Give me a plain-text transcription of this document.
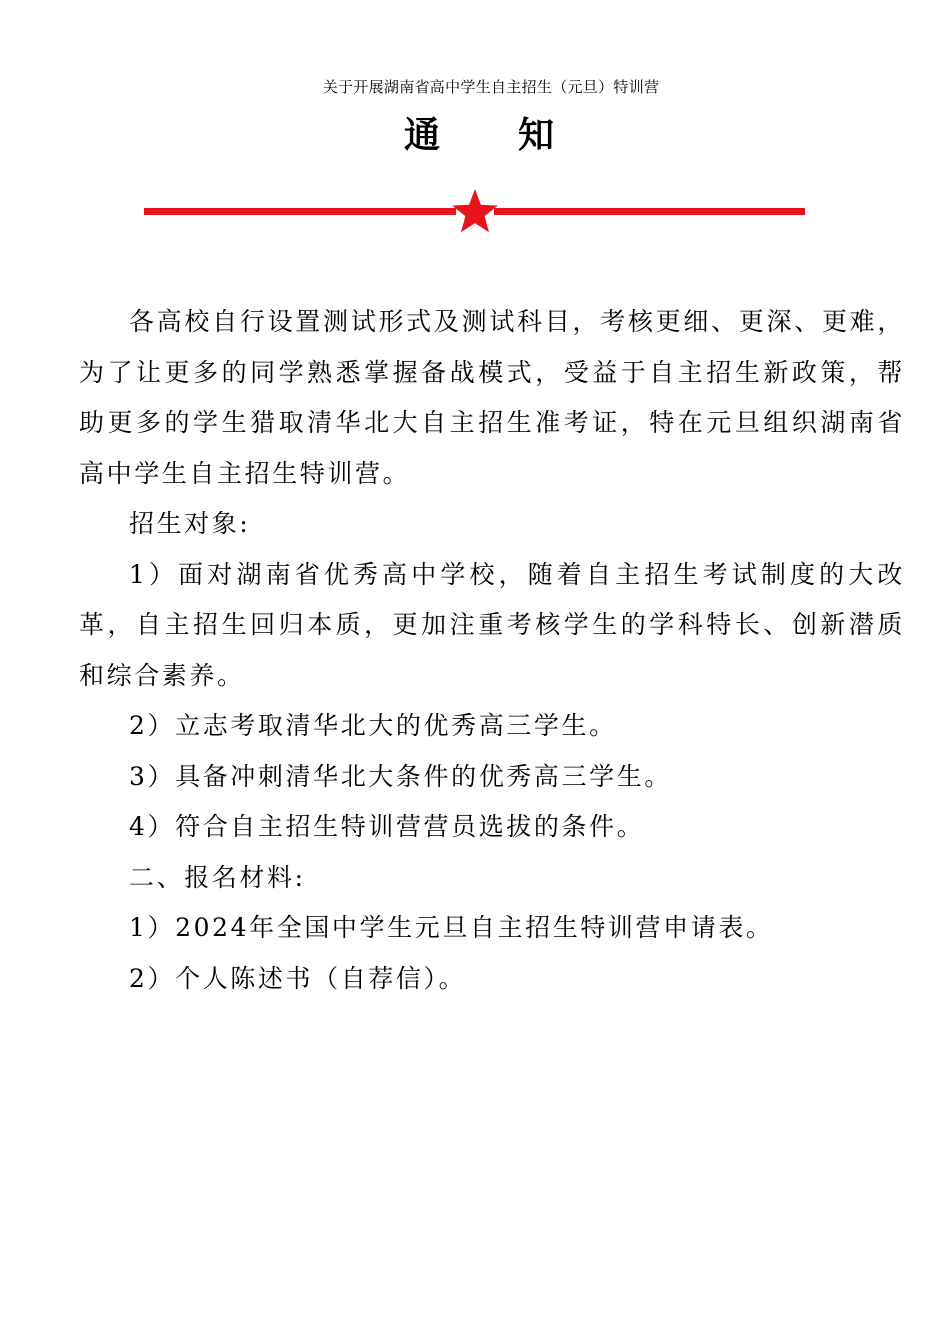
关于开展湖南省高中学生自主招生（元旦）特训营
通 知

各高校自行设置测试形式及测试科目，考核更细、更深、更难，为了让更多的同学熟悉掌握备战模式，受益于自主招生新政策，帮助更多的学生猎取清华北大自主招生准考证，特在元旦组织湖南省高中学生自主招生特训营。

招生对象:

1）面对湖南省优秀高中学校，随着自主招生考试制度的大改革，自主招生回归本质，更加注重考核学生的学科特长、创新潜质和综合素养。

2）立志考取清华北大的优秀高三学生。

3）具备冲刺清华北大条件的优秀高三学生。

4）符合自主招生特训营营员选拔的条件。

二、报名材料:

1）2024年全国中学生元旦自主招生特训营申请表。

2）个人陈述书（自荐信）。
